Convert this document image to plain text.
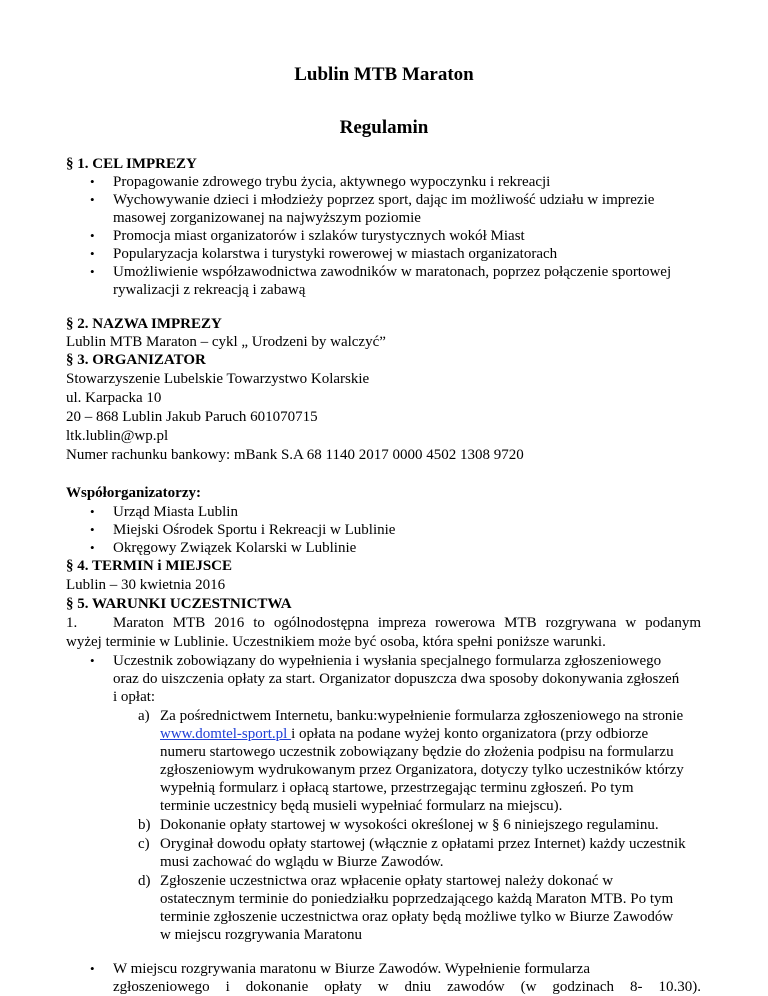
Lublin MTB Maraton
Regulamin
§ 1. CEL IMPREZY
• Propagowanie zdrowego trybu życia, aktywnego wypoczynku i rekreacji
• Wychowywanie dzieci i młodzieży poprzez sport, dając im możliwość udziału w imprezie
masowej zorganizowanej na najwyższym poziomie
• Promocja miast organizatorów i szlaków turystycznych wokół Miast
• Popularyzacja kolarstwa i turystyki rowerowej w miastach organizatorach
• Umożliwienie współzawodnictwa zawodników w maratonach, poprzez połączenie sportowej
rywalizacji z rekreacją i zabawą
§ 2. NAZWA IMPREZY
Lublin MTB Maraton – cykl „ Urodzeni by walczyć”
§ 3. ORGANIZATOR
Stowarzyszenie Lubelskie Towarzystwo Kolarskie
ul. Karpacka 10
20 – 868 Lublin Jakub Paruch 601070715
ltk.lublin@wp.pl
Numer rachunku bankowy: mBank S.A 68 1140 2017 0000 4502 1308 9720
Współorganizatorzy:
• Urząd Miasta Lublin
• Miejski Ośrodek Sportu i Rekreacji w Lublinie
• Okręgowy Związek Kolarski w Lublinie
§ 4. TERMIN i MIEJSCE
Lublin – 30 kwietnia 2016
§ 5. WARUNKI UCZESTNICTWA
1. Maraton MTB 2016 to ogólnodostępna impreza rowerowa MTB rozgrywana w podanym
wyżej terminie w Lublinie. Uczestnikiem może być osoba, która spełni poniższe warunki.
• Uczestnik zobowiązany do wypełnienia i wysłania specjalnego formularza zgłoszeniowego
oraz do uiszczenia opłaty za start. Organizator dopuszcza dwa sposoby dokonywania zgłoszeń
i opłat:
a) Za pośrednictwem Internetu, banku:wypełnienie formularza zgłoszeniowego na stronie
www.domtel-sport.pl i opłata na podane wyżej konto organizatora (przy odbiorze
numeru startowego uczestnik zobowiązany będzie do złożenia podpisu na formularzu
zgłoszeniowym wydrukowanym przez Organizatora, dotyczy tylko uczestników którzy
wypełnią formularz i opłacą startowe, przestrzegając terminu zgłoszeń. Po tym
terminie uczestnicy będą musieli wypełniać formularz na miejscu).
b) Dokonanie opłaty startowej w wysokości określonej w § 6 niniejszego regulaminu.
c) Oryginał dowodu opłaty startowej (włącznie z opłatami przez Internet) każdy uczestnik
musi zachować do wglądu w Biurze Zawodów.
d) Zgłoszenie uczestnictwa oraz wpłacenie opłaty startowej należy dokonać w
ostatecznym terminie do poniedziałku poprzedzającego każdą Maraton MTB. Po tym
terminie zgłoszenie uczestnictwa oraz opłaty będą możliwe tylko w Biurze Zawodów
w miejscu rozgrywania Maratonu
• W miejscu rozgrywania maratonu w Biurze Zawodów. Wypełnienie formularza
zgłoszeniowego i dokonanie opłaty w dniu zawodów (w godzinach 8- 10.30).
